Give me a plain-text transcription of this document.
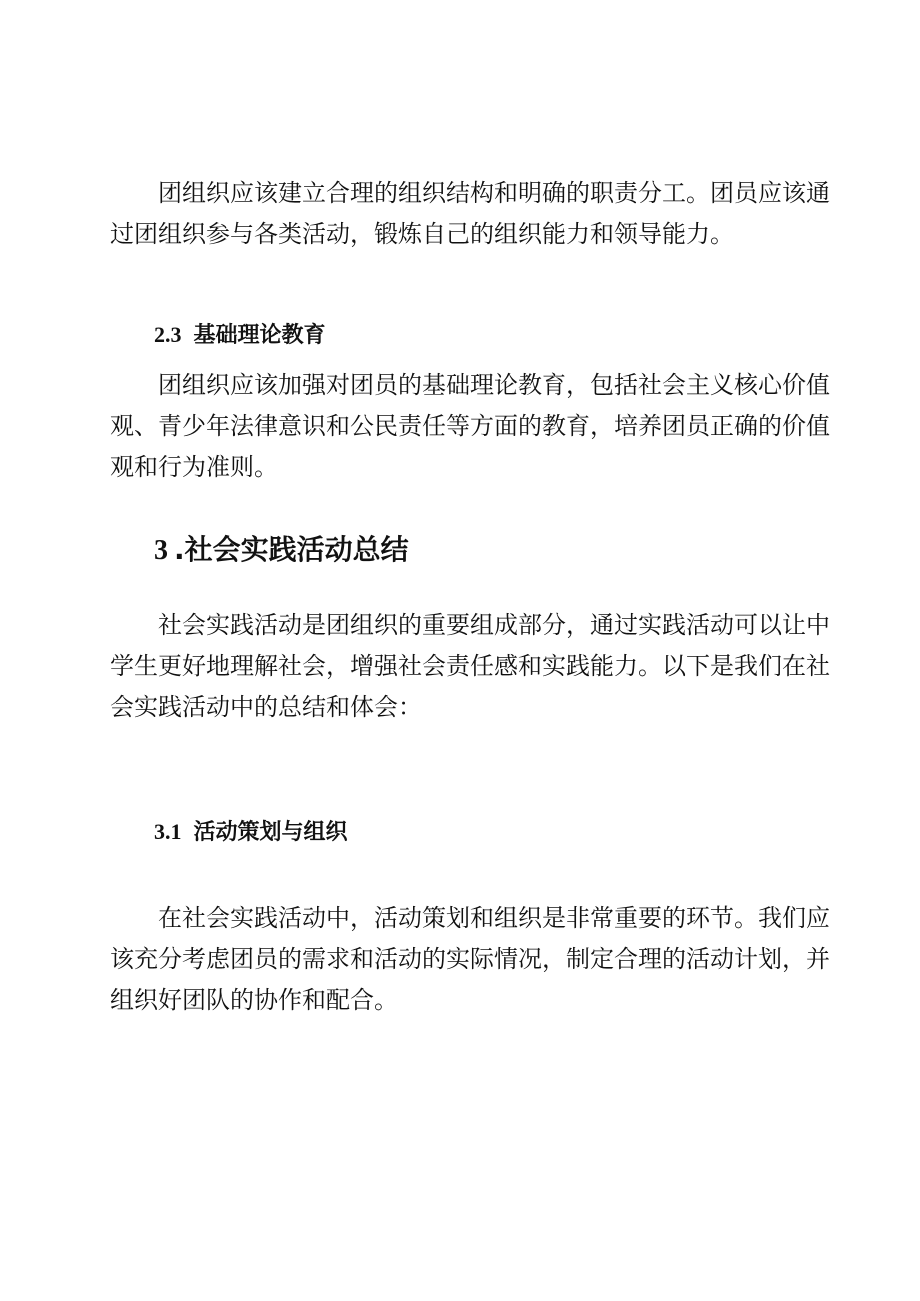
团组织应该建立合理的组织结构和明确的职责分工。团员应该通过团组织参与各类活动，锻炼自己的组织能力和领导能力。

2.3 基础理论教育

团组织应该加强对团员的基础理论教育，包括社会主义核心价值观、青少年法律意识和公民责任等方面的教育，培养团员正确的价值观和行为准则。

3 .社会实践活动总结

社会实践活动是团组织的重要组成部分，通过实践活动可以让中学生更好地理解社会，增强社会责任感和实践能力。以下是我们在社会实践活动中的总结和体会：

3.1 活动策划与组织

在社会实践活动中，活动策划和组织是非常重要的环节。我们应该充分考虑团员的需求和活动的实际情况，制定合理的活动计划，并组织好团队的协作和配合。
